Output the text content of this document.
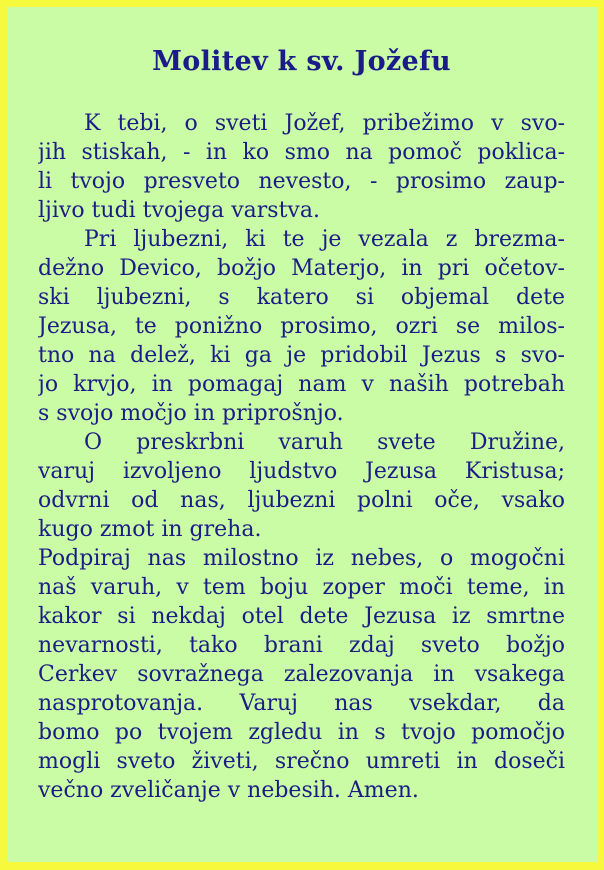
Molitev k sv. Jožefu
K tebi, o sveti Jožef, pribežimo v svo-
jih stiskah, - in ko smo na pomoč poklica-
li tvojo presveto nevesto, - prosimo zaup-
ljivo tudi tvojega varstva.
Pri ljubezni, ki te je vezala z brezma-
dežno Devico, božjo Materjo, in pri očetov-
ski ljubezni, s katero si objemal dete
Jezusa, te ponižno prosimo, ozri se milos-
tno na delež, ki ga je pridobil Jezus s svo-
jo krvjo, in pomagaj nam v naših potrebah
s svojo močjo in priprošnjo.
O preskrbni varuh svete Družine,
varuj izvoljeno ljudstvo Jezusa Kristusa;
odvrni od nas, ljubezni polni oče, vsako
kugo zmot in greha.
Podpiraj nas milostno iz nebes, o mogočni
naš varuh, v tem boju zoper moči teme, in
kakor si nekdaj otel dete Jezusa iz smrtne
nevarnosti, tako brani zdaj sveto božjo
Cerkev sovražnega zalezovanja in vsakega
nasprotovanja. Varuj nas vsekdar, da
bomo po tvojem zgledu in s tvojo pomočjo
mogli sveto živeti, srečno umreti in doseči
večno zveličanje v nebesih. Amen.
